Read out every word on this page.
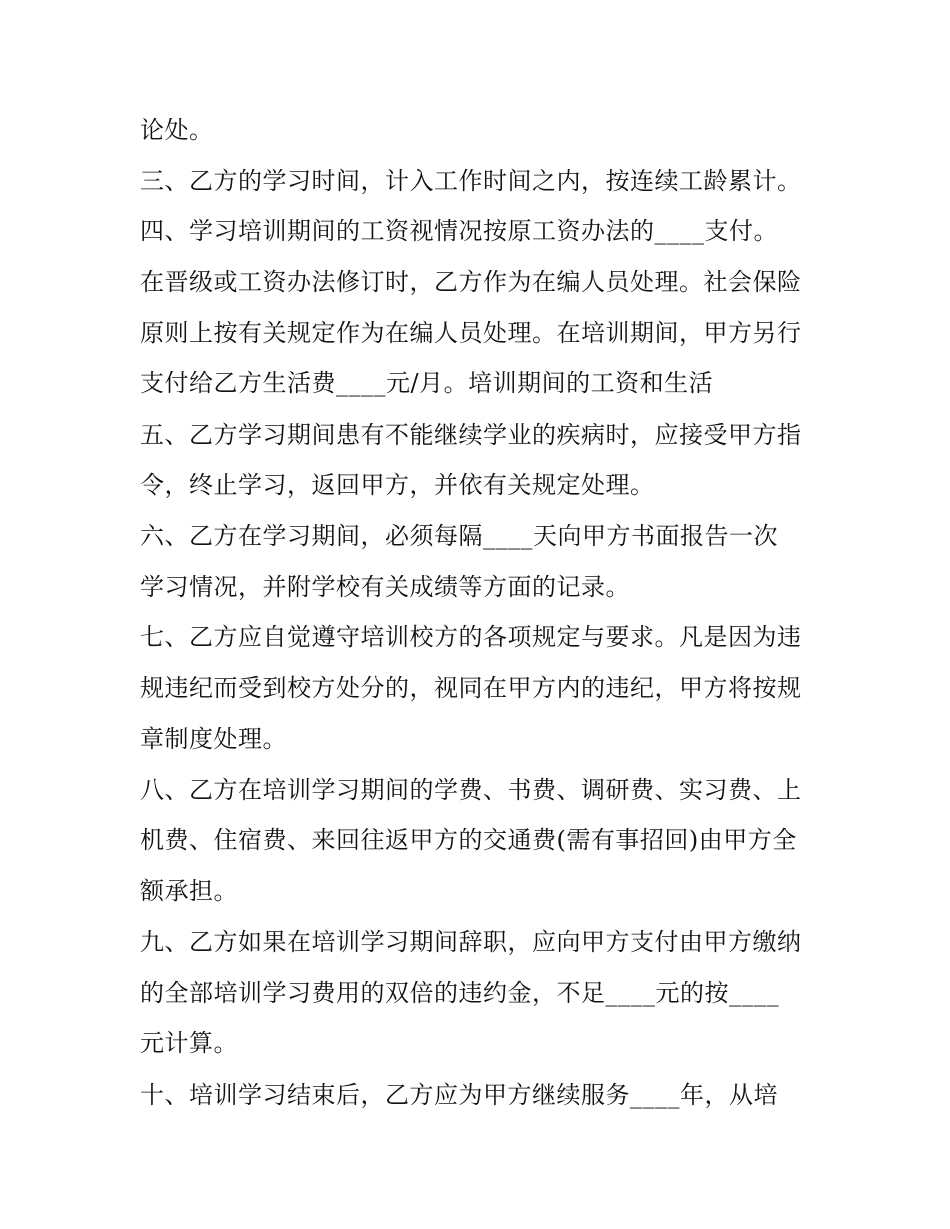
论处。

三、乙方的学习时间，计入工作时间之内，按连续工龄累计。

四、学习培训期间的工资视情况按原工资办法的____支付。

在晋级或工资办法修订时，乙方作为在编人员处理。社会保险

原则上按有关规定作为在编人员处理。在培训期间，甲方另行

支付给乙方生活费____元/月。培训期间的工资和生活

五、乙方学习期间患有不能继续学业的疾病时，应接受甲方指

令，终止学习，返回甲方，并依有关规定处理。

六、乙方在学习期间，必须每隔____天向甲方书面报告一次

学习情况，并附学校有关成绩等方面的记录。

七、乙方应自觉遵守培训校方的各项规定与要求。凡是因为违

规违纪而受到校方处分的，视同在甲方内的违纪，甲方将按规

章制度处理。

八、乙方在培训学习期间的学费、书费、调研费、实习费、上

机费、住宿费、来回往返甲方的交通费(需有事招回)由甲方全

额承担。

九、乙方如果在培训学习期间辞职，应向甲方支付由甲方缴纳

的全部培训学习费用的双倍的违约金，不足____元的按____

元计算。

十、培训学习结束后，乙方应为甲方继续服务____年，从培
